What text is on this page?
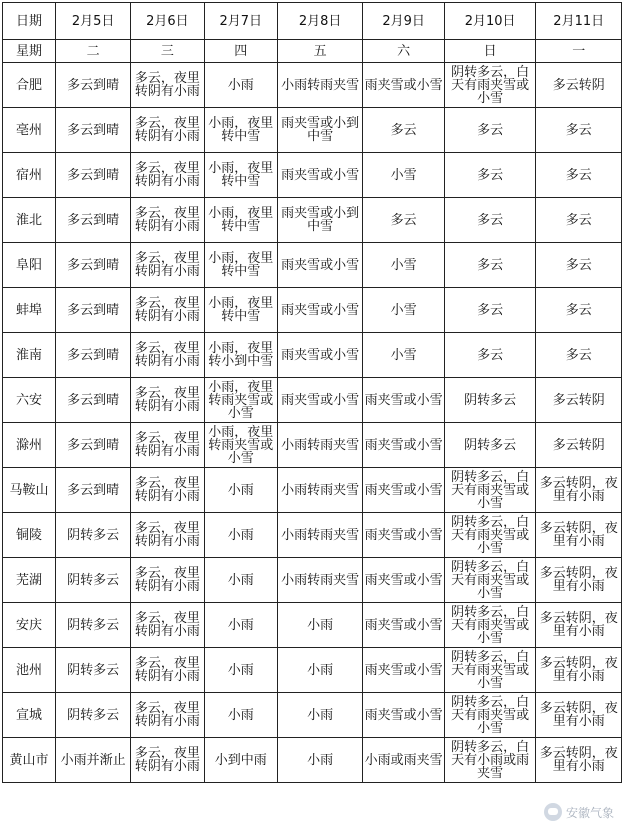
日期	2月5日	2月6日	2月7日	2月8日	2月9日	2月10日	2月11日
星期	二	三	四	五	六	日	一
合肥	多云到晴	多云，夜里转阴有小雨	小雨	小雨转雨夹雪	雨夹雪或小雪	阴转多云，白天有雨夹雪或小雪	多云转阴
亳州	多云到晴	多云，夜里转阴有小雨	小雨，夜里转中雪	雨夹雪或小到中雪	多云	多云	多云
宿州	多云到晴	多云，夜里转阴有小雨	小雨，夜里转中雪	雨夹雪或小雪	小雪	多云	多云
淮北	多云到晴	多云，夜里转阴有小雨	小雨，夜里转中雪	雨夹雪或小到中雪	多云	多云	多云
阜阳	多云到晴	多云，夜里转阴有小雨	小雨，夜里转中雪	雨夹雪或小雪	小雪	多云	多云
蚌埠	多云到晴	多云，夜里转阴有小雨	小雨，夜里转中雪	雨夹雪或小雪	小雪	多云	多云
淮南	多云到晴	多云，夜里转阴有小雨	小雨，夜里转小到中雪	雨夹雪或小雪	小雪	多云	多云
六安	多云到晴	多云，夜里转阴有小雨	小雨，夜里转雨夹雪或小雪	雨夹雪或小雪	雨夹雪或小雪	阴转多云	多云转阴
滁州	多云到晴	多云，夜里转阴有小雨	小雨，夜里转雨夹雪或小雪	小雨转雨夹雪	雨夹雪或小雪	阴转多云	多云转阴
马鞍山	多云到晴	多云，夜里转阴有小雨	小雨	小雨转雨夹雪	雨夹雪或小雪	阴转多云，白天有雨夹雪或小雪	多云转阴，夜里有小雨
铜陵	阴转多云	多云，夜里转阴有小雨	小雨	小雨转雨夹雪	雨夹雪或小雪	阴转多云，白天有雨夹雪或小雪	多云转阴，夜里有小雨
芜湖	阴转多云	多云，夜里转阴有小雨	小雨	小雨转雨夹雪	雨夹雪或小雪	阴转多云，白天有雨夹雪或小雪	多云转阴，夜里有小雨
安庆	阴转多云	多云，夜里转阴有小雨	小雨	小雨	雨夹雪或小雪	阴转多云，白天有雨夹雪或小雪	多云转阴，夜里有小雨
池州	阴转多云	多云，夜里转阴有小雨	小雨	小雨	雨夹雪或小雪	阴转多云，白天有雨夹雪或小雪	多云转阴，夜里有小雨
宣城	阴转多云	多云，夜里转阴有小雨	小雨	小雨	雨夹雪或小雪	阴转多云，白天有雨夹雪或小雪	多云转阴，夜里有小雨
黄山市	小雨并渐止	多云，夜里转阴有小雨	小到中雨	小雨	小雨或雨夹雪	阴转多云，白天有小雨或雨夹雪	多云转阴，夜里有小雨
安徽气象
